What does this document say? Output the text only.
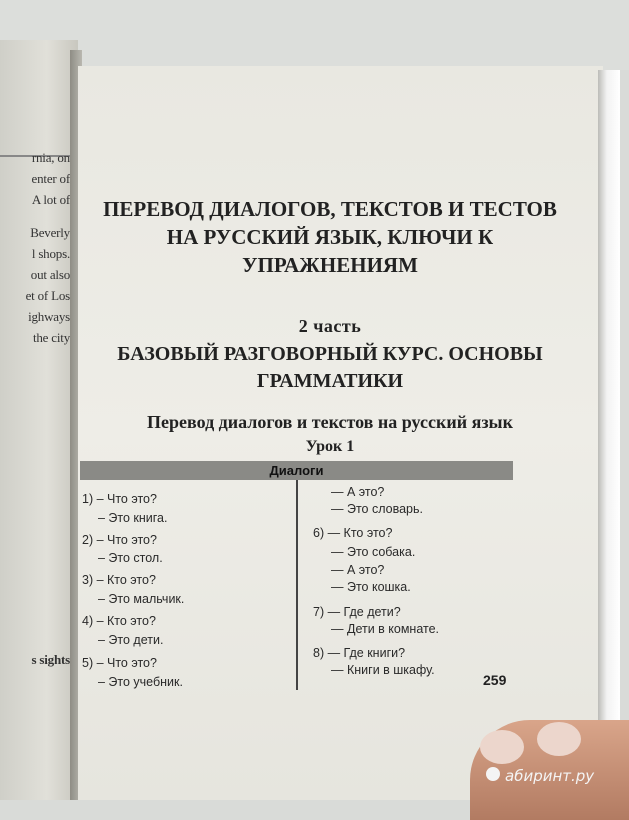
rnia, on
enter of
A lot of
Beverly
l shops.
out also
et of Los
ighways
the city
s sights
ПЕРЕВОД ДИАЛОГОВ, ТЕКСТОВ И ТЕСТОВ НА РУССКИЙ ЯЗЫК, КЛЮЧИ К УПРАЖНЕНИЯМ
2 часть
БАЗОВЫЙ РАЗГОВОРНЫЙ КУРС. ОСНОВЫ ГРАММАТИКИ
Перевод диалогов и текстов на русский язык
Урок 1
Диалоги
1) – Что это?
– Это книга.
2) – Что это?
– Это стол.
3) – Кто это?
– Это мальчик.
4) – Кто это?
– Это дети.
5) – Что это?
– Это учебник.
— А это?
— Это словарь.
6) — Кто это?
— Это собака.
— А это?
— Это кошка.
7) — Где дети?
— Дети в комнате.
8) — Где книги?
— Книги в шкафу.
259
абиринт.ру
